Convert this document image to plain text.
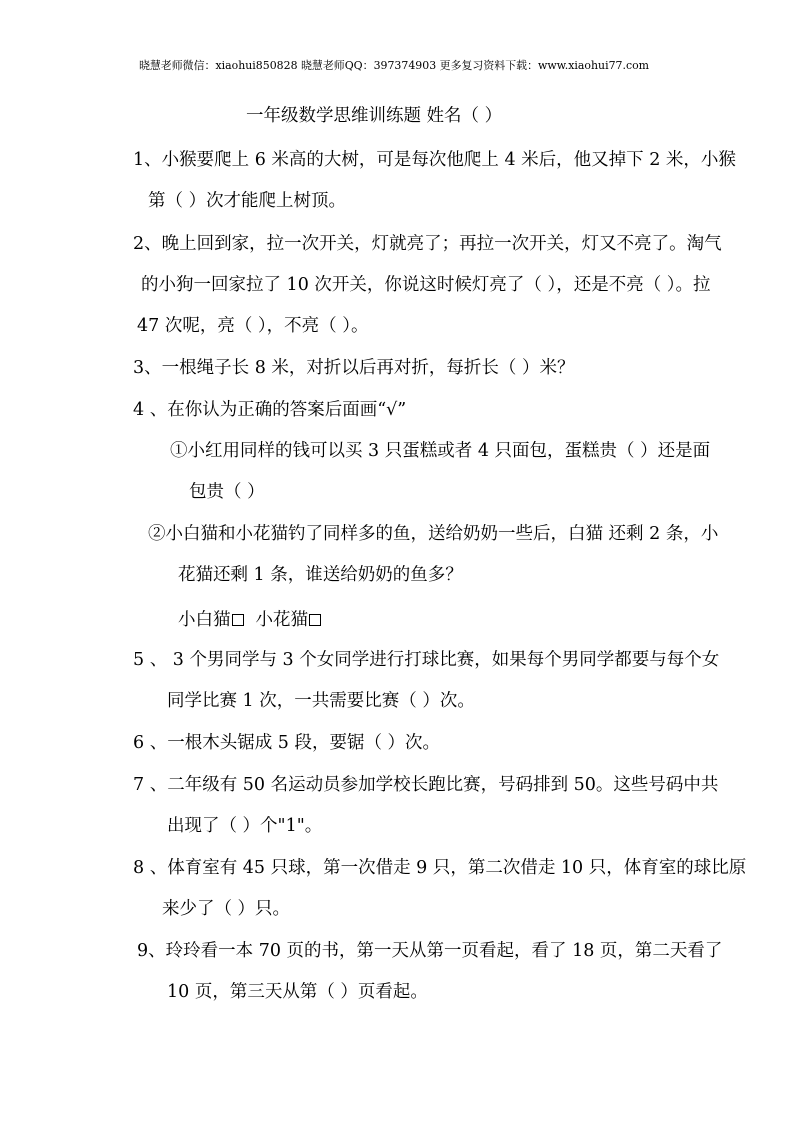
晓慧老师微信：xiaohui850828 晓慧老师QQ：397374903 更多复习资料下载：www.xiaohui77.com
一年级数学思维训练题 姓名（ ）
1、小猴要爬上 6 米高的大树，可是每次他爬上 4 米后，他又掉下 2 米，小猴
第（ ）次才能爬上树顶。
2、晚上回到家，拉一次开关，灯就亮了；再拉一次开关，灯又不亮了。淘气
的小狗一回家拉了 10 次开关，你说这时候灯亮了（ ），还是不亮（ ）。拉
47 次呢，亮（ ），不亮（ ）。
3、一根绳子长 8 米，对折以后再对折，每折长（ ）米？
4 、在你认为正确的答案后面画“√”
①小红用同样的钱可以买 3 只蛋糕或者 4 只面包，蛋糕贵（ ）还是面
包贵（ ）
②小白猫和小花猫钓了同样多的鱼，送给奶奶一些后，白猫 还剩 2 条，小
花猫还剩 1 条，谁送给奶奶的鱼多？
小白猫 小花猫
5 、 3 个男同学与 3 个女同学进行打球比赛，如果每个男同学都要与每个女
同学比赛 1 次，一共需要比赛（ ）次。
6 、一根木头锯成 5 段，要锯（ ）次。
7 、二年级有 50 名运动员参加学校长跑比赛，号码排到 50。这些号码中共
出现了（ ）个"1"。
8 、体育室有 45 只球，第一次借走 9 只，第二次借走 10 只，体育室的球比原
来少了（ ）只。
9、玲玲看一本 70 页的书，第一天从第一页看起，看了 18 页，第二天看了
10 页，第三天从第（ ）页看起。
